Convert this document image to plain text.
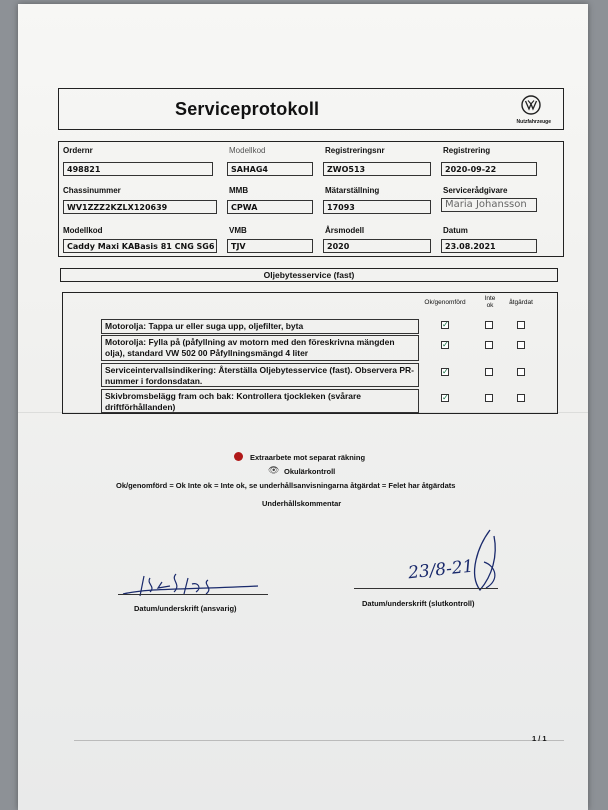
Serviceprotokoll
Nutzfahrzeuge
Ordernr
498821
Modellkod
SAHAG4
Registreringsnr
ZWO513
Registrering
2020-09-22
Chassinummer
WV1ZZZ2KZLX120639
MMB
CPWA
Mätarställning
17093
Servicerådgivare
Maria Johansson
Modellkod
Caddy Maxi KABasis 81 CNG SG6
VMB
TJV
Årsmodell
2020
Datum
23.08.2021
Oljebytesservice (fast)
Ok/genomförd
Inte ok	åtgärdat
Motorolja: Tappa ur eller suga upp, oljefilter, byta	✓
Motorolja: Fylla på (påfyllning av motorn med den föreskrivna mängden olja), standard VW 502 00 Påfyllningsmängd 4 liter
✓
Serviceintervallsindikering: Återställa Oljebytesservice (fast). Observera PR-nummer i fordonsdatan.
✓
Skivbromsbelägg fram och bak: Kontrollera tjockleken (svårare driftförhållanden)
✓
Extraarbete mot separat räkning
👁 Okulärkontroll
Ok/genomförd = Ok Inte ok = Inte ok, se underhållsanvisningarna åtgärdat = Felet har åtgärdats
Underhållskommentar
Datum/underskrift (ansvarig)
23/8-21
Datum/underskrift (slutkontroll)
1 / 1
